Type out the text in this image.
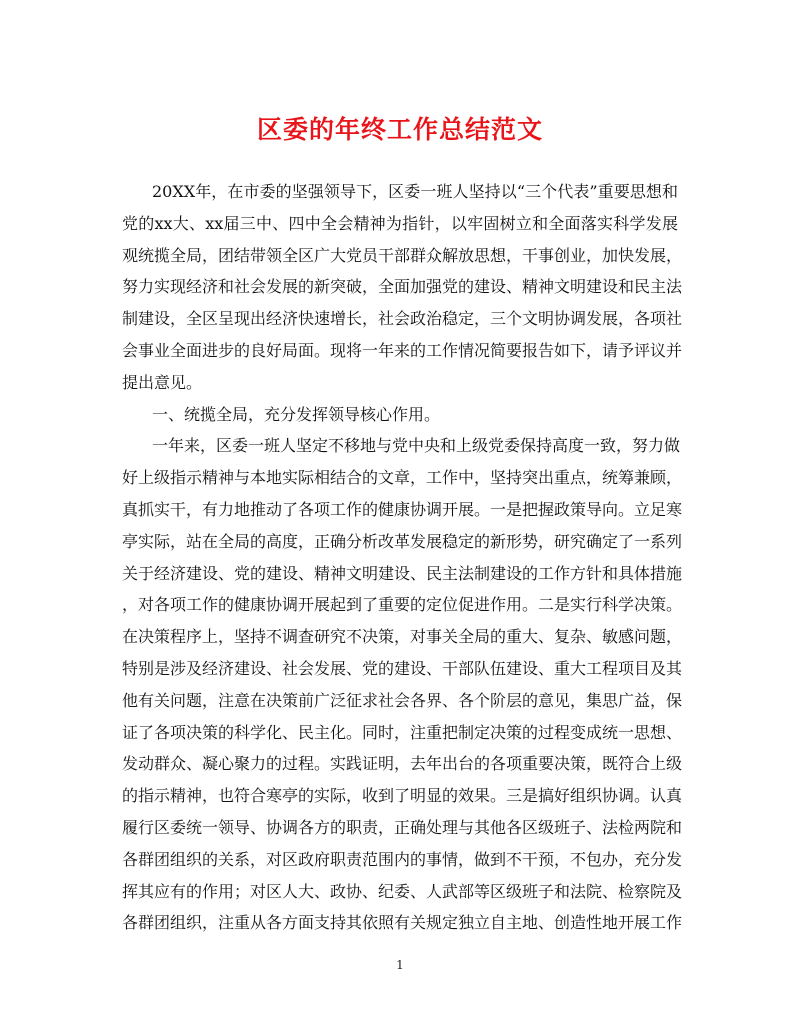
区委的年终工作总结范文
20XX年，在市委的坚强领导下，区委一班人坚持以“三个代表”重要思想和
党的xx大、xx届三中、四中全会精神为指针，以牢固树立和全面落实科学发展
观统揽全局，团结带领全区广大党员干部群众解放思想，干事创业，加快发展，
努力实现经济和社会发展的新突破，全面加强党的建设、精神文明建设和民主法
制建设，全区呈现出经济快速增长，社会政治稳定，三个文明协调发展，各项社
会事业全面进步的良好局面。现将一年来的工作情况简要报告如下，请予评议并
提出意见。
一、统揽全局，充分发挥领导核心作用。
一年来，区委一班人坚定不移地与党中央和上级党委保持高度一致，努力做
好上级指示精神与本地实际相结合的文章，工作中，坚持突出重点，统筹兼顾，
真抓实干，有力地推动了各项工作的健康协调开展。一是把握政策导向。立足寒
亭实际，站在全局的高度，正确分析改革发展稳定的新形势，研究确定了一系列
关于经济建设、党的建设、精神文明建设、民主法制建设的工作方针和具体措施
，对各项工作的健康协调开展起到了重要的定位促进作用。二是实行科学决策。
在决策程序上，坚持不调查研究不决策，对事关全局的重大、复杂、敏感问题，
特别是涉及经济建设、社会发展、党的建设、干部队伍建设、重大工程项目及其
他有关问题，注意在决策前广泛征求社会各界、各个阶层的意见，集思广益，保
证了各项决策的科学化、民主化。同时，注重把制定决策的过程变成统一思想、
发动群众、凝心聚力的过程。实践证明，去年出台的各项重要决策，既符合上级
的指示精神，也符合寒亭的实际，收到了明显的效果。三是搞好组织协调。认真
履行区委统一领导、协调各方的职责，正确处理与其他各区级班子、法检两院和
各群团组织的关系，对区政府职责范围内的事情，做到不干预，不包办，充分发
挥其应有的作用；对区人大、政协、纪委、人武部等区级班子和法院、检察院及
各群团组织，注重从各方面支持其依照有关规定独立自主地、创造性地开展工作
1
